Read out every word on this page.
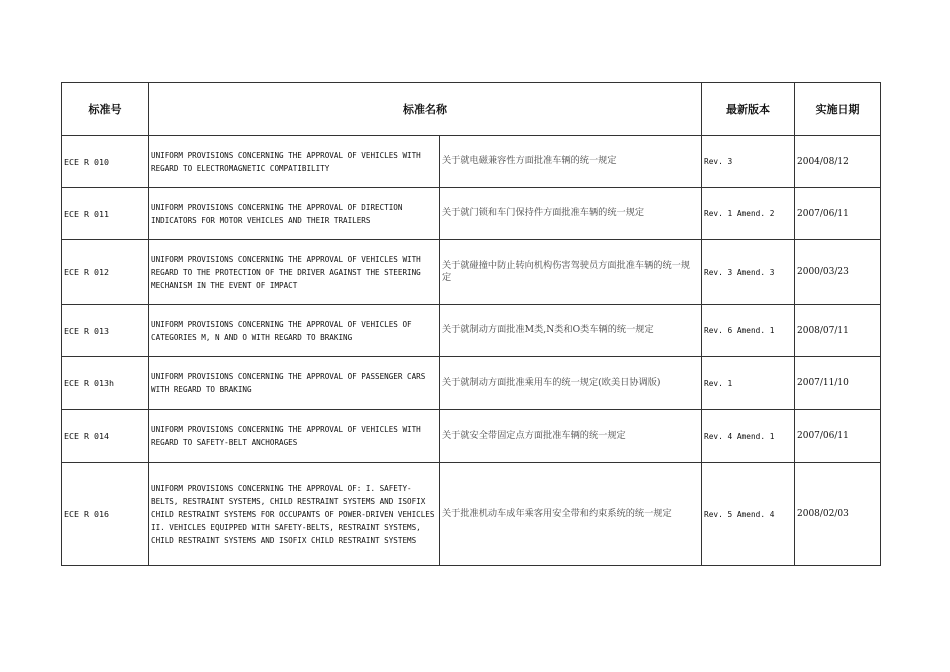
标准号	标准名称		最新版本	实施日期
ECE R 010	UNIFORM PROVISIONS CONCERNING THE APPROVAL OF VEHICLES WITH REGARD TO ELECTROMAGNETIC COMPATIBILITY	关于就电磁兼容性方面批准车辆的统一规定	Rev. 3	2004/08/12
ECE R 011	UNIFORM PROVISIONS CONCERNING THE APPROVAL OF DIRECTION INDICATORS FOR MOTOR VEHICLES AND THEIR TRAILERS	关于就门锁和车门保持件方面批准车辆的统一规定	Rev. 1 Amend. 2	2007/06/11
ECE R 012	UNIFORM PROVISIONS CONCERNING THE APPROVAL OF VEHICLES WITH REGARD TO THE PROTECTION OF THE DRIVER AGAINST THE STEERING MECHANISM IN THE EVENT OF IMPACT	关于就碰撞中防止转向机构伤害驾驶员方面批准车辆的统一规定	Rev. 3 Amend. 3	2000/03/23
ECE R 013	UNIFORM PROVISIONS CONCERNING THE APPROVAL OF VEHICLES OF CATEGORIES M, N AND O WITH REGARD TO BRAKING	关于就制动方面批准M类,N类和O类车辆的统一规定	Rev. 6 Amend. 1	2008/07/11
ECE R 013h	UNIFORM PROVISIONS CONCERNING THE APPROVAL OF PASSENGER CARS WITH REGARD TO BRAKING	关于就制动方面批准乘用车的统一规定(欧美日协调版)	Rev. 1	2007/11/10
ECE R 014	UNIFORM PROVISIONS CONCERNING THE APPROVAL OF VEHICLES WITH REGARD TO SAFETY-BELT ANCHORAGES	关于就安全带固定点方面批准车辆的统一规定	Rev. 4 Amend. 1	2007/06/11
ECE R 016	UNIFORM PROVISIONS CONCERNING THE APPROVAL OF: I. SAFETY-BELTS, RESTRAINT SYSTEMS, CHILD RESTRAINT SYSTEMS AND ISOFIX CHILD RESTRAINT SYSTEMS FOR OCCUPANTS OF POWER-DRIVEN VEHICLES II. VEHICLES EQUIPPED WITH SAFETY-BELTS, RESTRAINT SYSTEMS, CHILD RESTRAINT SYSTEMS AND ISOFIX CHILD RESTRAINT SYSTEMS	关于批准机动车成年乘客用安全带和约束系统的统一规定	Rev. 5 Amend. 4	2008/02/03
